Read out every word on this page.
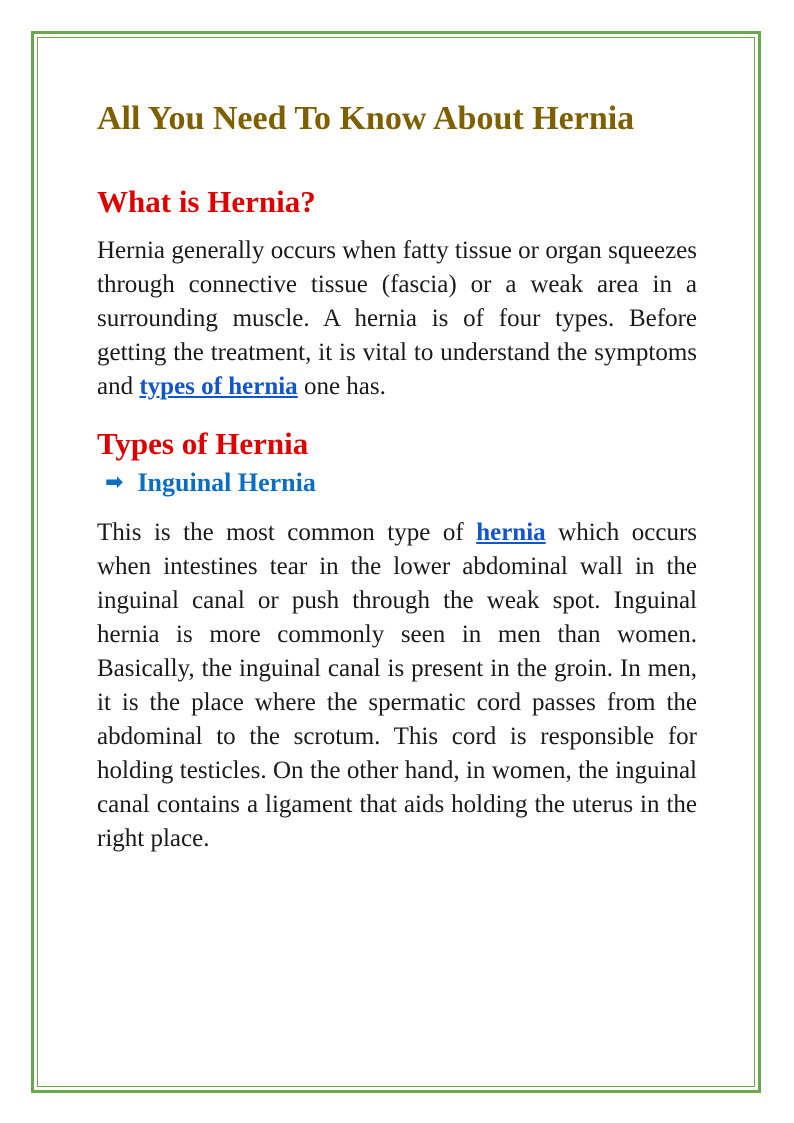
All You Need To Know About Hernia
What is Hernia?

Hernia generally occurs when fatty tissue or organ squeezes through connective tissue (fascia) or a weak area in a surrounding muscle. A hernia is of four types. Before getting the treatment, it is vital to understand the symptoms and types of hernia one has.

Types of Hernia
➡ Inguinal Hernia

This is the most common type of hernia which occurs when intestines tear in the lower abdominal wall in the inguinal canal or push through the weak spot. Inguinal hernia is more commonly seen in men than women. Basically, the inguinal canal is present in the groin. In men, it is the place where the spermatic cord passes from the abdominal to the scrotum. This cord is responsible for holding testicles. On the other hand, in women, the inguinal canal contains a ligament that aids holding the uterus in the right place.
